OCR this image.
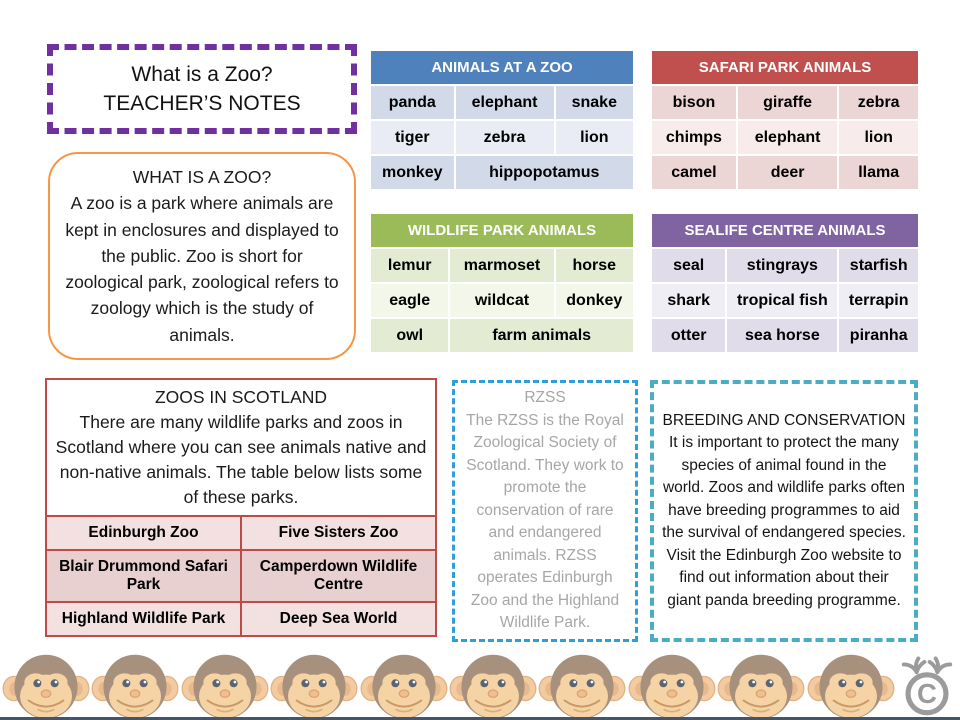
What is a Zoo?
TEACHER’S NOTES
ANIMALS AT A ZOO		
panda	elephant	snake
tiger	zebra	lion
monkey	hippopotamus	
SAFARI PARK ANIMALS		
bison	giraffe	zebra
chimps	elephant	lion
camel	deer	llama
WHAT IS A ZOO?
A zoo is a park where animals are kept in enclosures and displayed to the public. Zoo is short for zoological park, zoological refers to zoology which is the study of animals.
WILDLIFE PARK ANIMALS		
lemur	marmoset	horse
eagle	wildcat	donkey
owl	farm animals	
SEALIFE CENTRE ANIMALS		
seal	stingrays	starfish
shark	tropical fish	terrapin
otter	sea horse	piranha
ZOOS IN SCOTLAND
There are many wildlife parks and zoos in Scotland where you can see animals native and non-native animals. The table below lists some of these parks.
Edinburgh Zoo	Five Sisters Zoo
Blair Drummond Safari Park	Camperdown Wildlife Centre
Highland Wildlife Park	Deep Sea World
RZSS
The RZSS is the Royal Zoological Society of Scotland. They work to promote the conservation of rare and endangered animals. RZSS operates Edinburgh Zoo and the Highland Wildlife Park.
BREEDING AND CONSERVATION
It is important to protect the many species of animal found in the world. Zoos and wildlife parks often have breeding programmes to aid the survival of endangered species. Visit the Edinburgh Zoo website to find out information about their giant panda breeding programme.
C
